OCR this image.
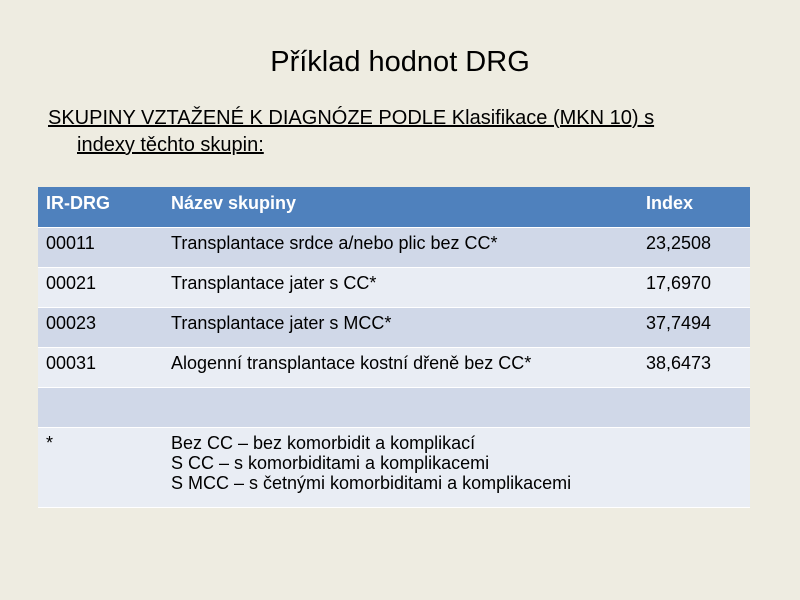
Příklad hodnot DRG
SKUPINY VZTAŽENÉ K DIAGNÓZE PODLE Klasifikace (MKN 10) s
indexy těchto skupin:
IR-DRG	Název skupiny	Index
00011	Transplantace srdce a/nebo plic bez CC*	23,2508
00021	Transplantace jater s CC*	17,6970
00023	Transplantace jater s MCC*	37,7494
00031	Alogenní transplantace kostní dřeně bez CC*	38,6473

*	Bez CC – bez komorbidit a komplikací
S CC – s komorbiditami a komplikacemi
S MCC – s četnými komorbiditami a komplikacemi	
